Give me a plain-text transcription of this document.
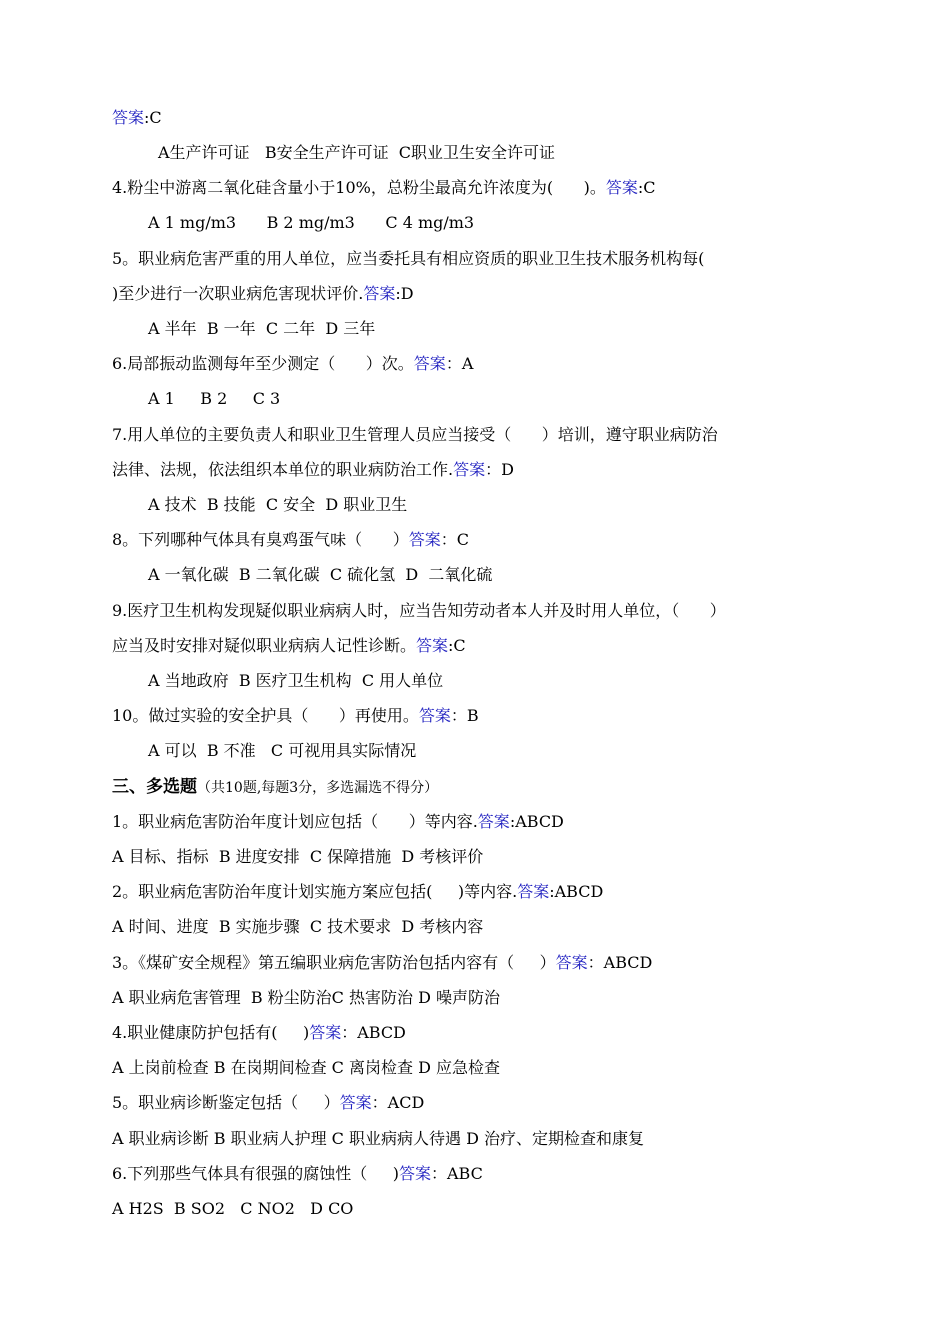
答案:C
A生产许可证   B安全生产许可证  C职业卫生安全许可证
4.粉尘中游离二氧化硅含量小于10%，总粉尘最高允许浓度为(      )。答案:C
A 1 mg/m3      B 2 mg/m3      C 4 mg/m3
5。职业病危害严重的用人单位，应当委托具有相应资质的职业卫生技术服务机构每(
)至少进行一次职业病危害现状评价.答案:D
A 半年  B 一年  C 二年  D 三年
6.局部振动监测每年至少测定（      ）次。答案：A
A 1     B 2     C 3
7.用人单位的主要负责人和职业卫生管理人员应当接受（      ）培训，遵守职业病防治
法律、法规，依法组织本单位的职业病防治工作.答案：D
A 技术  B 技能  C 安全  D 职业卫生
8。下列哪种气体具有臭鸡蛋气味（      ）答案：C
A 一氧化碳  B 二氧化碳  C 硫化氢  D  二氧化硫
9.医疗卫生机构发现疑似职业病病人时，应当告知劳动者本人并及时用人单位，（      ）
应当及时安排对疑似职业病病人记性诊断。答案:C
A 当地政府  B 医疗卫生机构  C 用人单位
10。做过实验的安全护具（      ）再使用。答案：B
A 可以  B 不准   C 可视用具实际情况
三、多选题（共10题,每题3分，多选漏选不得分）
1。职业病危害防治年度计划应包括（      ）等内容.答案:ABCD
A 目标、指标  B 进度安排  C 保障措施  D 考核评价
2。职业病危害防治年度计划实施方案应包括(     )等内容.答案:ABCD
A 时间、进度  B 实施步骤  C 技术要求  D 考核内容
3。《煤矿安全规程》第五编职业病危害防治包括内容有（     ）答案：ABCD
A 职业病危害管理  B 粉尘防治C 热害防治 D 噪声防治
4.职业健康防护包括有(     )答案：ABCD
A 上岗前检查 B 在岗期间检查 C 离岗检查 D 应急检查
5。职业病诊断鉴定包括（     ）答案：ACD
A 职业病诊断 B 职业病人护理 C 职业病病人待遇 D 治疗、定期检查和康复
6.下列那些气体具有很强的腐蚀性（     )答案：ABC
A H2S  B SO2   C NO2   D CO
